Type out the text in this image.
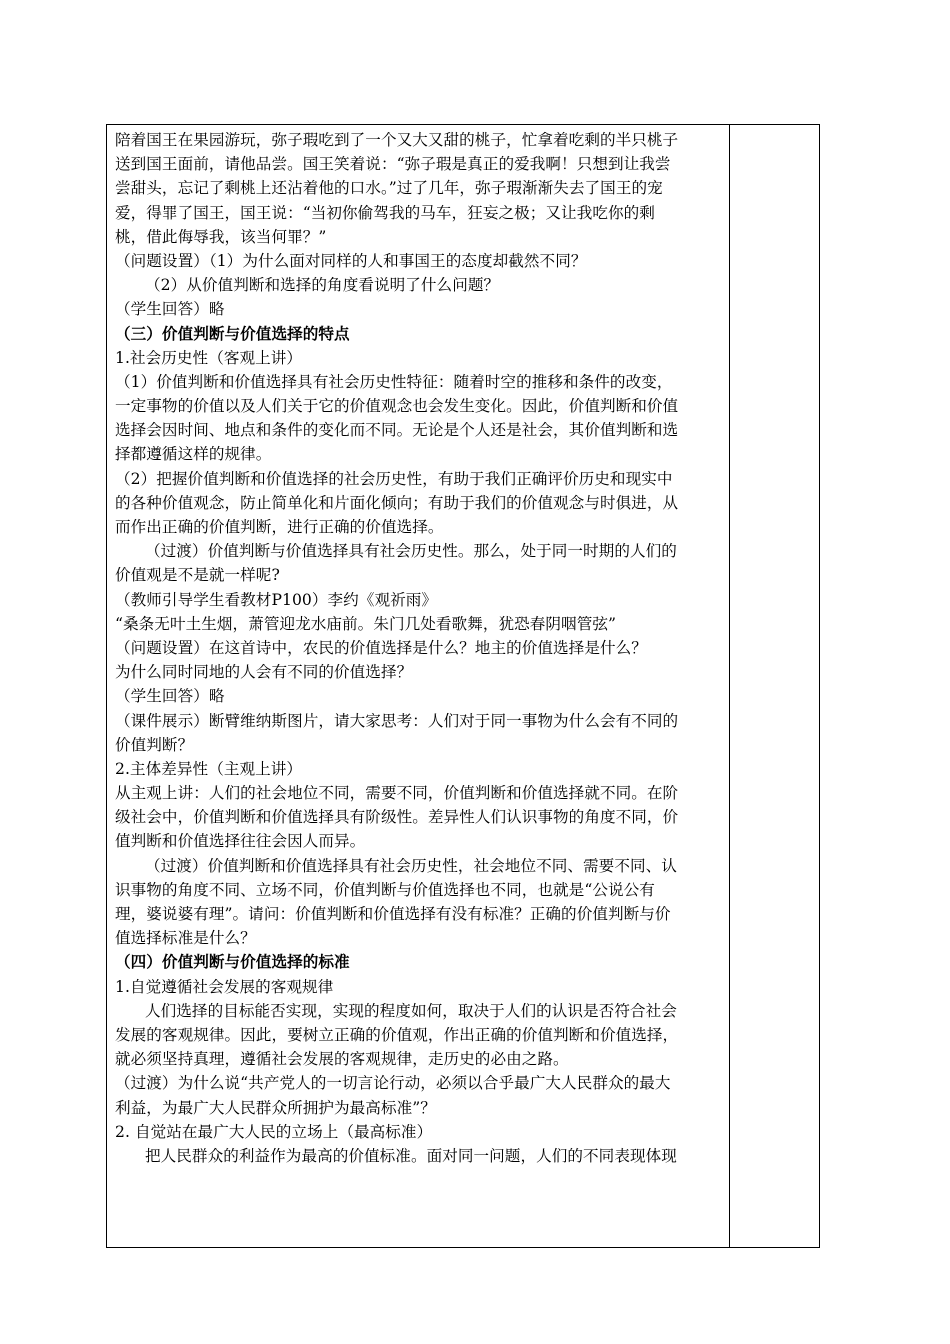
陪着国王在果园游玩，弥子瑕吃到了一个又大又甜的桃子，忙拿着吃剩的半只桃子
送到国王面前，请他品尝。国王笑着说：“弥子瑕是真正的爱我啊！只想到让我尝
尝甜头，忘记了剩桃上还沾着他的口水。”过了几年，弥子瑕渐渐失去了国王的宠
爱，得罪了国王，国王说：“当初你偷驾我的马车，狂妄之极；又让我吃你的剩
桃，借此侮辱我，该当何罪？”
（问题设置）（1）为什么面对同样的人和事国王的态度却截然不同？
（2）从价值判断和选择的角度看说明了什么问题？
（学生回答）略
（三）价值判断与价值选择的特点
1.社会历史性（客观上讲）
（1）价值判断和价值选择具有社会历史性特征：随着时空的推移和条件的改变，
一定事物的价值以及人们关于它的价值观念也会发生变化。因此，价值判断和价值
选择会因时间、地点和条件的变化而不同。无论是个人还是社会，其价值判断和选
择都遵循这样的规律。
（2）把握价值判断和价值选择的社会历史性，有助于我们正确评价历史和现实中
的各种价值观念，防止简单化和片面化倾向；有助于我们的价值观念与时俱进，从
而作出正确的价值判断，进行正确的价值选择。
（过渡）价值判断与价值选择具有社会历史性。那么，处于同一时期的人们的
价值观是不是就一样呢?
（教师引导学生看教材P100）李约《观祈雨》
“桑条无叶土生烟，萧管迎龙水庙前。朱门几处看歌舞，犹恐春阴咽管弦”
（问题设置）在这首诗中，农民的价值选择是什么？地主的价值选择是什么？
为什么同时同地的人会有不同的价值选择？
（学生回答）略
（课件展示）断臂维纳斯图片，请大家思考：人们对于同一事物为什么会有不同的
价值判断？
2.主体差异性（主观上讲）
从主观上讲：人们的社会地位不同，需要不同，价值判断和价值选择就不同。在阶
级社会中，价值判断和价值选择具有阶级性。差异性人们认识事物的角度不同，价
值判断和价值选择往往会因人而异。
（过渡）价值判断和价值选择具有社会历史性，社会地位不同、需要不同、认
识事物的角度不同、立场不同，价值判断与价值选择也不同，也就是“公说公有
理，婆说婆有理”。请问：价值判断和价值选择有没有标准？正确的价值判断与价
值选择标准是什么？
（四）价值判断与价值选择的标准
1.自觉遵循社会发展的客观规律
人们选择的目标能否实现，实现的程度如何，取决于人们的认识是否符合社会
发展的客观规律。因此，要树立正确的价值观，作出正确的价值判断和价值选择，
就必须坚持真理，遵循社会发展的客观规律，走历史的必由之路。
（过渡）为什么说“共产党人的一切言论行动，必须以合乎最广大人民群众的最大
利益，为最广大人民群众所拥护为最高标准”？
2. 自觉站在最广大人民的立场上（最高标准）
把人民群众的利益作为最高的价值标准。面对同一问题，人们的不同表现体现
